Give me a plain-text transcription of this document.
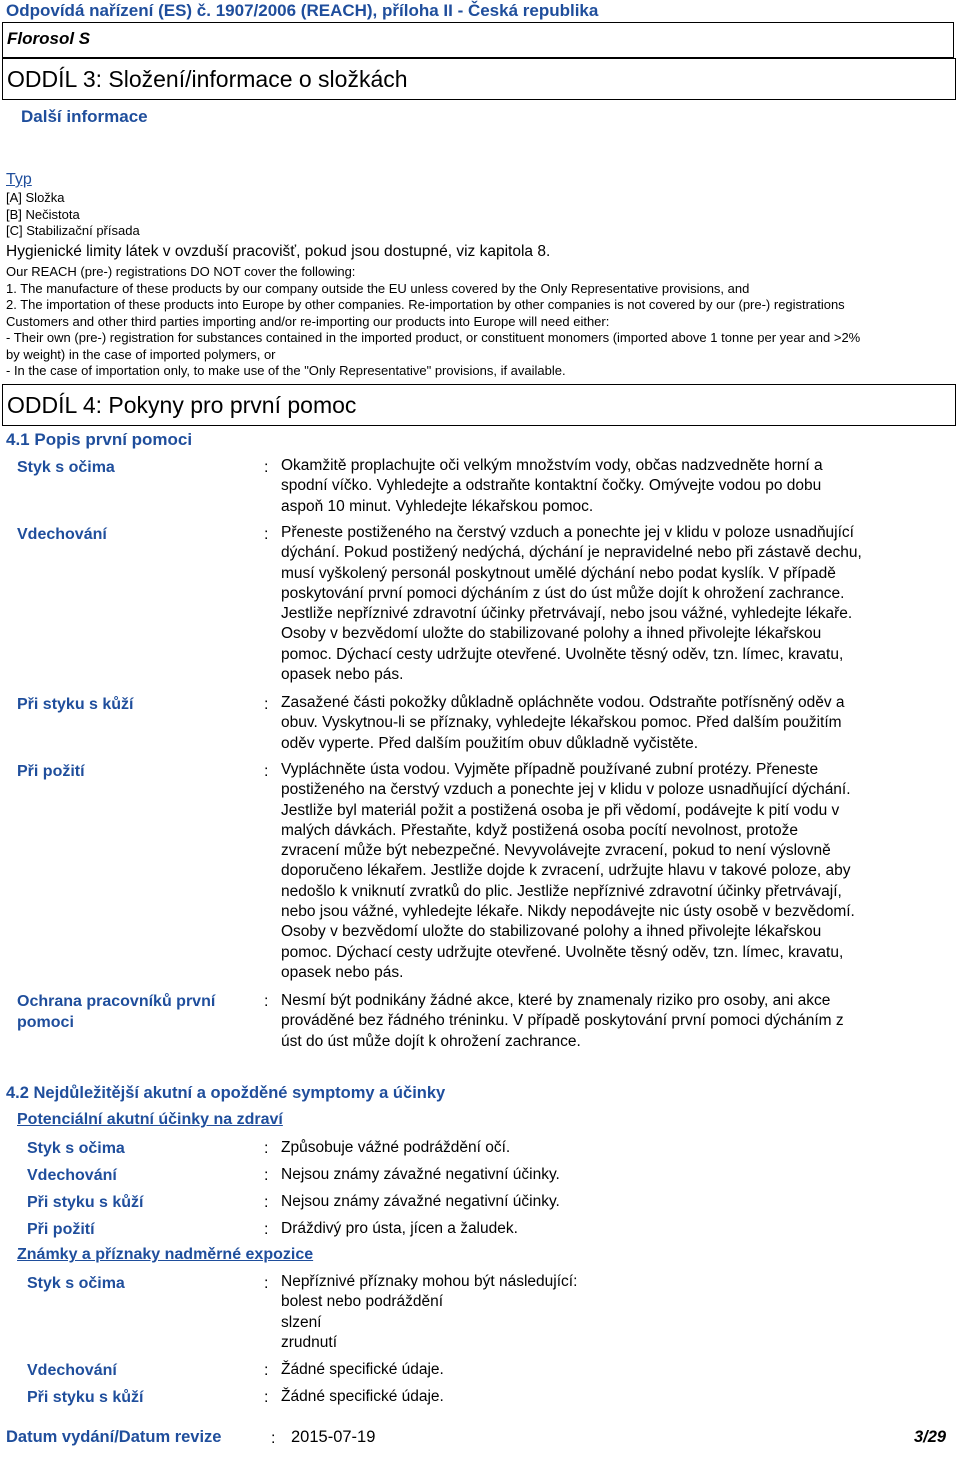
Odpovídá nařízení (ES) č. 1907/2006 (REACH), příloha II - Česká republika
Florosol S
ODDÍL 3: Složení/informace o složkách
Další informace
Typ
[A] Složka
[B] Nečistota
[C] Stabilizační přísada
Hygienické limity látek v ovzduší pracovišť, pokud jsou dostupné, viz kapitola 8.
Our REACH (pre-) registrations DO NOT cover the following:
1. The manufacture of these products by our company outside the EU unless covered by the Only Representative provisions, and
2. The importation of these products into Europe by other companies. Re-importation by other companies is not covered by our (pre-) registrations
Customers and other third parties importing and/or re-importing our products into Europe will need either:
- Their own (pre-) registration for substances contained in the imported product, or constituent monomers (imported above 1 tonne per year and >2%
by weight) in the case of imported polymers, or
- In the case of importation only, to make use of the "Only Representative" provisions, if available.
ODDÍL 4: Pokyny pro první pomoc
4.1 Popis první pomoci
Styk s očima	: Okamžitě proplachujte oči velkým množstvím vody, občas nadzvedněte horní a
spodní víčko. Vyhledejte a odstraňte kontaktní čočky. Omývejte vodou po dobu
aspoň 10 minut. Vyhledejte lékařskou pomoc.
Vdechování	: Přeneste postiženého na čerstvý vzduch a ponechte jej v klidu v poloze usnadňující
dýchání. Pokud postižený nedýchá, dýchání je nepravidelné nebo při zástavě dechu,
musí vyškolený personál poskytnout umělé dýchání nebo podat kyslík. V případě
poskytování první pomoci dýcháním z úst do úst může dojít k ohrožení zachrance.
Jestliže nepříznivé zdravotní účinky přetrvávají, nebo jsou vážné, vyhledejte lékaře.
Osoby v bezvědomí uložte do stabilizované polohy a ihned přivolejte lékařskou
pomoc. Dýchací cesty udržujte otevřené. Uvolněte těsný oděv, tzn. límec, kravatu,
opasek nebo pás.
Při styku s kůží	: Zasažené části pokožky důkladně opláchněte vodou. Odstraňte potřísněný oděv a
obuv. Vyskytnou-li se příznaky, vyhledejte lékařskou pomoc. Před dalším použitím
oděv vyperte. Před dalším použitím obuv důkladně vyčistěte.
Při požití	: Vypláchněte ústa vodou. Vyjměte případně používané zubní protézy. Přeneste
postiženého na čerstvý vzduch a ponechte jej v klidu v poloze usnadňující dýchání.
Jestliže byl materiál požit a postižená osoba je při vědomí, podávejte k pití vodu v
malých dávkách. Přestaňte, když postižená osoba pocítí nevolnost, protože
zvracení může být nebezpečné. Nevyvolávejte zvracení, pokud to není výslovně
doporučeno lékařem. Jestliže dojde k zvracení, udržujte hlavu v takové poloze, aby
nedošlo k vniknutí zvratků do plic. Jestliže nepříznivé zdravotní účinky přetrvávají,
nebo jsou vážné, vyhledejte lékaře. Nikdy nepodávejte nic ústy osobě v bezvědomí.
Osoby v bezvědomí uložte do stabilizované polohy a ihned přivolejte lékařskou
pomoc. Dýchací cesty udržujte otevřené. Uvolněte těsný oděv, tzn. límec, kravatu,
opasek nebo pás.
Ochrana pracovníků první
pomoci
: Nesmí být podnikány žádné akce, které by znamenaly riziko pro osoby, ani akce
prováděné bez řádného tréninku. V případě poskytování první pomoci dýcháním z
úst do úst může dojít k ohrožení zachrance.
4.2 Nejdůležitější akutní a opožděné symptomy a účinky
Potenciální akutní účinky na zdraví
Styk s očima	: Způsobuje vážné podráždění očí.
Vdechování	: Nejsou známy závažné negativní účinky.
Při styku s kůží	: Nejsou známy závažné negativní účinky.
Při požití	: Dráždivý pro ústa, jícen a žaludek.
Známky a příznaky nadměrné expozice
Styk s očima	: Nepříznivé příznaky mohou být následující:
bolest nebo podráždění
slzení
zrudnutí
Vdechování	: Žádné specifické údaje.
Při styku s kůží	: Žádné specifické údaje.
Datum vydání/Datum revize	: 2015-07-19	3/29
